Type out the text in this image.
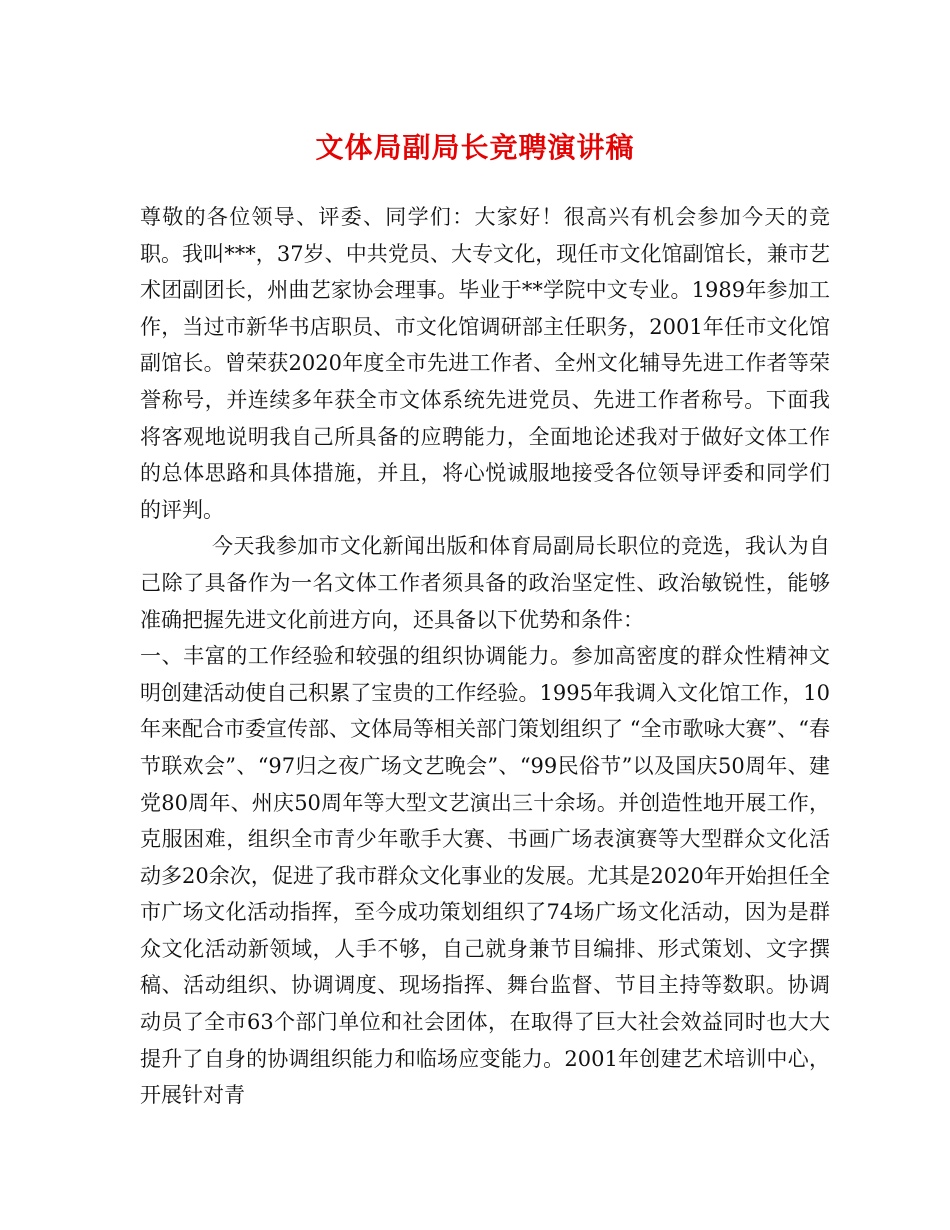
文体局副局长竞聘演讲稿

尊敬的各位领导、评委、同学们：大家好！很高兴有机会参加今天的竞职。我叫***，37岁、中共党员、大专文化，现任市文化馆副馆长，兼市艺术团副团长，州曲艺家协会理事。毕业于**学院中文专业。1989年参加工作，当过市新华书店职员、市文化馆调研部主任职务，2001年任市文化馆副馆长。曾荣获2020年度全市先进工作者、全州文化辅导先进工作者等荣誉称号，并连续多年获全市文体系统先进党员、先进工作者称号。下面我将客观地说明我自己所具备的应聘能力，全面地论述我对于做好文体工作的总体思路和具体措施，并且，将心悦诚服地接受各位领导评委和同学们的评判。

今天我参加市文化新闻出版和体育局副局长职位的竞选，我认为自己除了具备作为一名文体工作者须具备的政治坚定性、政治敏锐性，能够准确把握先进文化前进方向，还具备以下优势和条件：

一、丰富的工作经验和较强的组织协调能力。参加高密度的群众性精神文明创建活动使自己积累了宝贵的工作经验。1995年我调入文化馆工作，10年来配合市委宣传部、文体局等相关部门策划组织了 “全市歌咏大赛”、“春节联欢会”、“97归之夜广场文艺晚会”、“99民俗节”以及国庆50周年、建党80周年、州庆50周年等大型文艺演出三十余场。并创造性地开展工作，克服困难，组织全市青少年歌手大赛、书画广场表演赛等大型群众文化活动多20余次，促进了我市群众文化事业的发展。尤其是2020年开始担任全市广场文化活动指挥，至今成功策划组织了74场广场文化活动，因为是群众文化活动新领域，人手不够，自己就身兼节目编排、形式策划、文字撰稿、活动组织、协调调度、现场指挥、舞台监督、节目主持等数职。协调动员了全市63个部门单位和社会团体，在取得了巨大社会效益同时也大大提升了自身的协调组织能力和临场应变能力。2001年创建艺术培训中心，开展针对青
